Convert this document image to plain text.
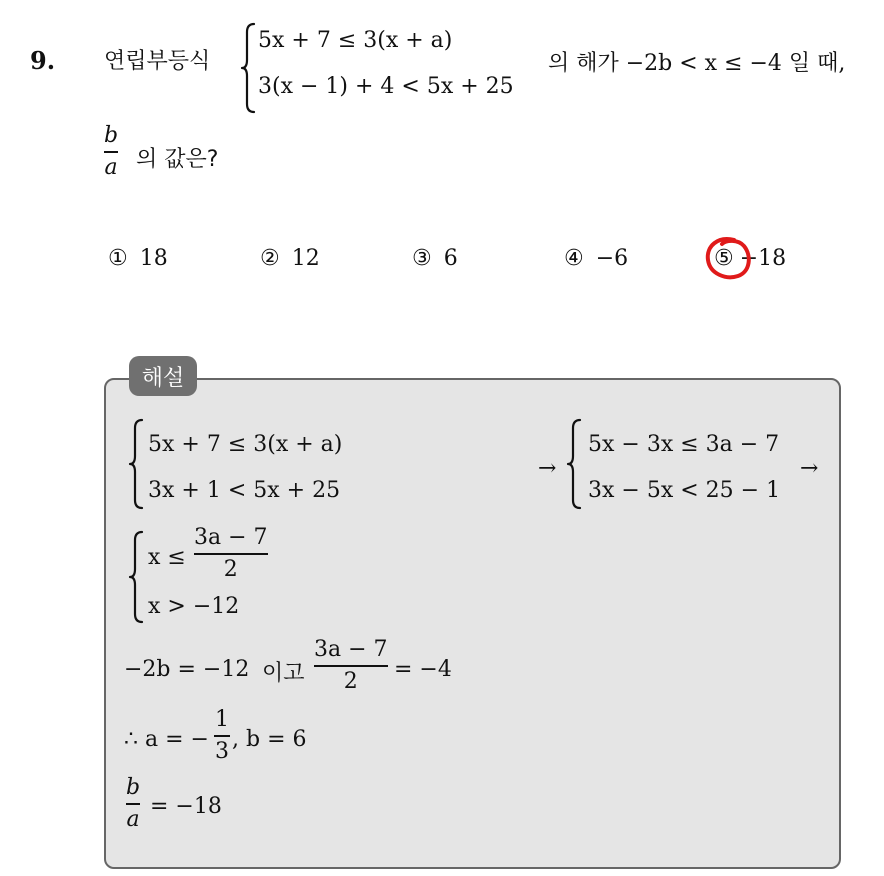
9. 연립부등식
5x + 7 ≤ 3(x + a)
3(x − 1) + 4 < 5x + 25
의 해가 −2b < x ≤ −4 일 때,
b
a 의 값은?
① 18	② 12	③ 6	④ −6	⑤ −18
해설
5x + 7 ≤ 3(x + a)
3x + 1 < 5x + 25
→
5x − 3x ≤ 3a − 7
3x − 5x < 25 − 1
→
x ≤
3a − 7
2
x > −12
−2b = −12 이고
3a − 7
2 = −4
∴ a = −
1
3 , b = 6
b
a
= −18
